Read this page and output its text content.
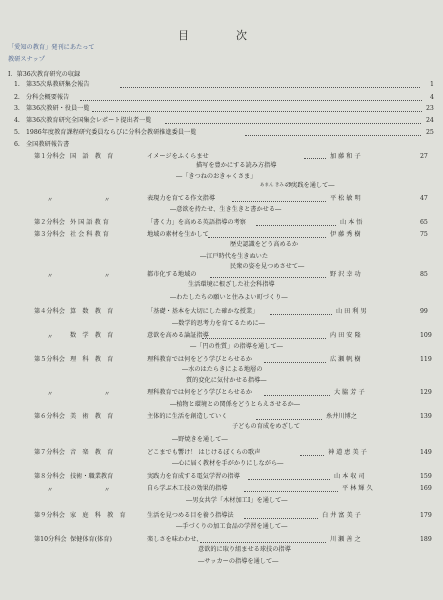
目　次
「愛知の教育」発刊にあたって
教研スナップ
Ⅰ．第36次教育研究の収録
1. 第35次県教研集会報告	1
2. 分科会概要報告	4
3. 第36次教研・役員一覧	23
4. 第36次教育研究全国集会レポート提出者一覧	24
5. 1986年度教育課程研究委員ならびに分科会教研推進委員一覧	25
6. 全国教研報告書
第１分科会 国　語　教　育	イメージをふくらませ
描写を豊かにする読み方指導
―「きつねのおきゃくさま」
あまん きみこ作
の実践を通して―
加 藤 和 子	27
〃	〃	表現力を育てる作文指導
―意欲を持たせ、生き生きと書かせる―
平 松 敏 明	47
第２分科会 外 国 語 教 育	「書く力」を高める英語指導の考察	山 本 悟	65
第３分科会 社 会 科 教 育	地域の素材を生かして
歴史認識をどう高めるか
―江戸時代を生きぬいた
民衆の姿を見つめさせて―
伊 藤 秀 樹	75
〃	〃	都市化する地域の
生活環境に根ざした社会科指導
―わたしたちの願いと住みよい町づくり―
野 沢 幸 功	85
第４分科会 算　数　教　育	「基礎・基本を大切にした確かな授業」
―数学的思考力を育てるために―
山 田 利 男	99
〃	数　学　教　育	意欲を高める論証指導
―「円の性質」の指導を通して―
内 田 安 隆	109
第５分科会 理　科　教　育	理科教育では何をどう学びとらせるか
―水のはたらきによる地層の
質的変化に気付かせる指導―
広 瀬 帆 樹	119
〃	〃	理科教育では何をどう学びとらせるか
―植物と環境との関係をどうとらえさせるか―
大 脇 芳 子	129
第６分科会 美　術　教　育	主体的に生活を創造していく
子どもの育成をめざして
―野焼きを通して―
糸井川博之	139
第７分科会 音　楽　教　育	どこまでも響け！ はじけるぼくらの歌声
―心に届く教材を手がかりにしながら―
神 道 恵 美 子	149
第８分科会 技術・職業教育	実践力を育成する電気学習の指導	山 本 収 司	159
〃	〃	自ら学ぶ木工技の効果的指導
―男女共学「木材加工Ⅰ」を通して―
平 林 輝 久	169
第９分科会 家　庭　科　教　育	生活を見つめる目を養う指導法
―手づくりの加工食品の学習を通して―
白 井 富 美 子	179
第10分科会 保健体育(体育)	楽しさを味わわせ、
意欲的に取り組ませる球技の指導
―サッカーの指導を通して―
川 瀬 善 之	189
